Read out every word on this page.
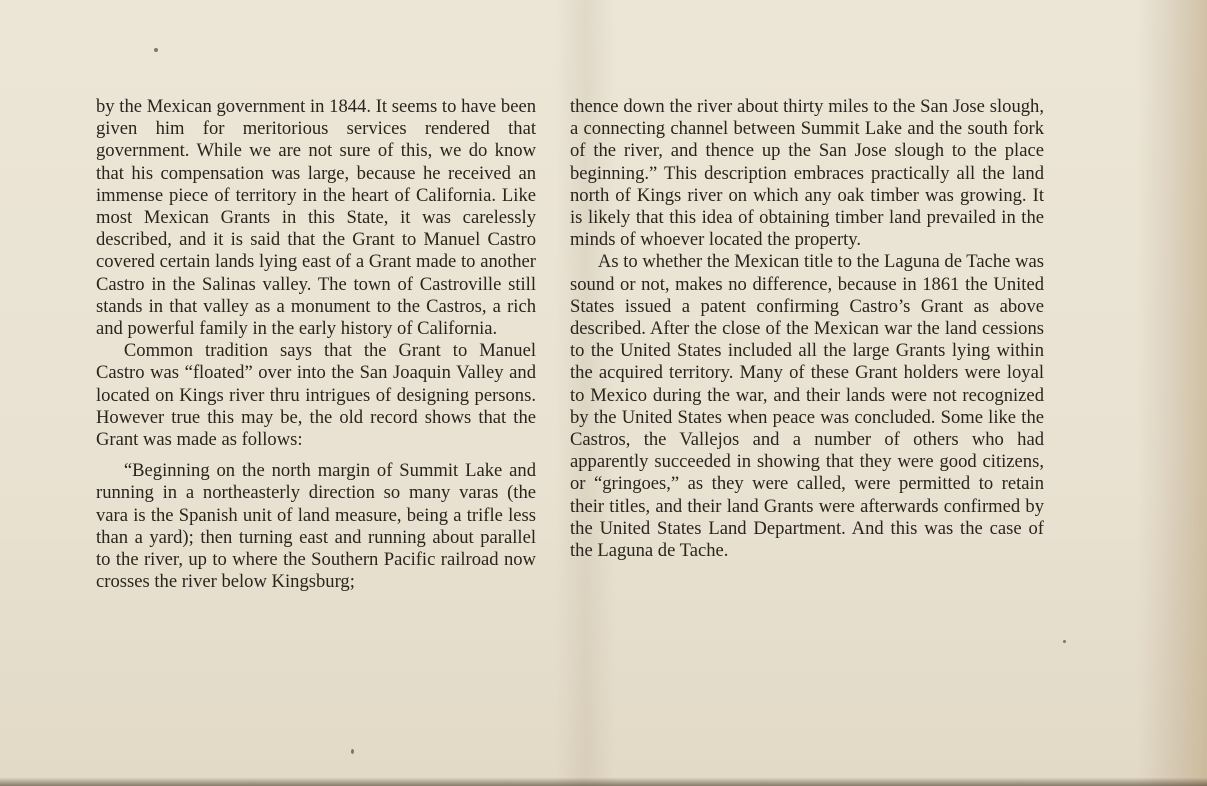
by the Mexican government in 1844. It seems to have been given him for meritorious services rendered that government. While we are not sure of this, we do know that his compensation was large, because he received an immense piece of territory in the heart of California. Like most Mexican Grants in this State, it was carelessly described, and it is said that the Grant to Manuel Castro covered certain lands lying east of a Grant made to another Castro in the Salinas valley. The town of Castroville still stands in that valley as a monument to the Castros, a rich and powerful family in the early history of California.

Common tradition says that the Grant to Manuel Castro was “floated” over into the San Joaquin Valley and located on Kings river thru intrigues of designing persons. However true this may be, the old record shows that the Grant was made as follows:

“Beginning on the north margin of Summit Lake and running in a northeasterly direction so many varas (the vara is the Spanish unit of land measure, being a trifle less than a yard); then turning east and running about parallel to the river, up to where the Southern Pacific railroad now crosses the river below Kingsburg;

thence down the river about thirty miles to the San Jose slough, a connecting channel between Summit Lake and the south fork of the river, and thence up the San Jose slough to the place beginning.” This description embraces practically all the land north of Kings river on which any oak timber was growing. It is likely that this idea of obtaining timber land prevailed in the minds of whoever located the property.

As to whether the Mexican title to the Laguna de Tache was sound or not, makes no difference, because in 1861 the United States issued a patent confirming Castro’s Grant as above described. After the close of the Mexican war the land cessions to the United States included all the large Grants lying within the acquired territory. Many of these Grant holders were loyal to Mexico during the war, and their lands were not recognized by the United States when peace was concluded. Some like the Castros, the Vallejos and a number of others who had apparently succeeded in showing that they were good citizens, or “gringoes,” as they were called, were permitted to retain their titles, and their land Grants were afterwards confirmed by the United States Land Department. And this was the case of the Laguna de Tache.
